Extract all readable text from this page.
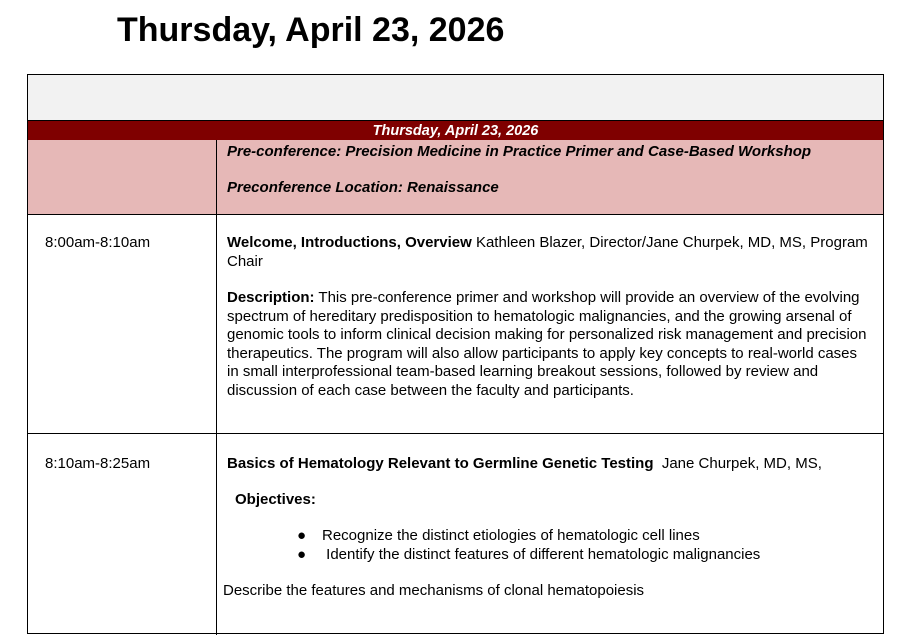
Thursday, April 23, 2026
Thursday, April 23, 2026
Pre-conference: Precision Medicine in Practice Primer and Case-Based Workshop
Preconference Location: Renaissance
8:00am-8:10am	Welcome, Introductions, Overview Kathleen Blazer, Director/Jane Churpek, MD, MS, Program Chair
Description: This pre-conference primer and workshop will provide an overview of the evolving spectrum of hereditary predisposition to hematologic malignancies, and the growing arsenal of genomic tools to inform clinical decision making for personalized risk management and precision therapeutics. The program will also allow participants to apply key concepts to real-world cases in small interprofessional team-based learning breakout sessions, followed by review and discussion of each case between the faculty and participants.
8:10am-8:25am	Basics of Hematology Relevant to Germline Genetic Testing  Jane Churpek, MD, MS,
Objectives:
● Recognize the distinct etiologies of hematologic cell lines
● Identify the distinct features of different hematologic malignancies
Describe the features and mechanisms of clonal hematopoiesis
